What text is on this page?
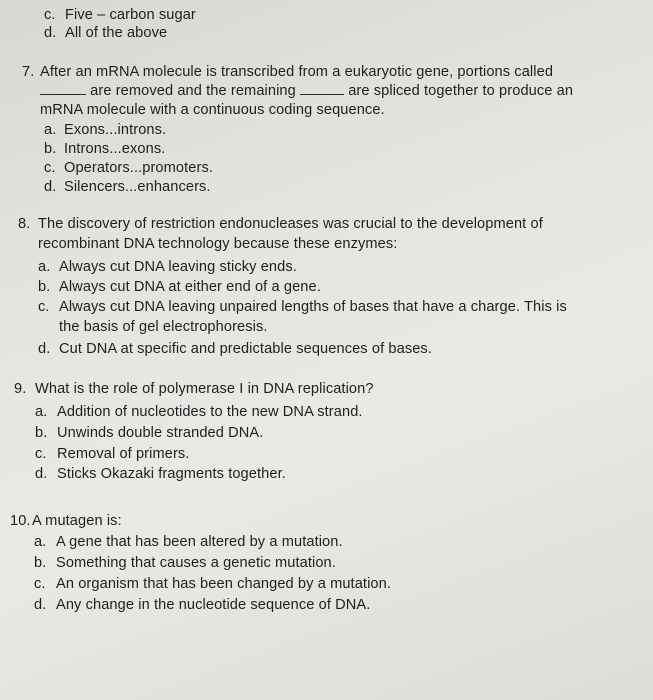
c. Five – carbon sugar
d. All of the above
7. After an mRNA molecule is transcribed from a eukaryotic gene, portions called
are removed and the remaining	are spliced together to produce an
mRNA molecule with a continuous coding sequence.
a. Exons...introns.
b. Introns...exons.
c. Operators...promoters.
d. Silencers...enhancers.
8. The discovery of restriction endonucleases was crucial to the development of
recombinant DNA technology because these enzymes:
a. Always cut DNA leaving sticky ends.
b. Always cut DNA at either end of a gene.
c. Always cut DNA leaving unpaired lengths of bases that have a charge. This is
the basis of gel electrophoresis.
d. Cut DNA at specific and predictable sequences of bases.
9. What is the role of polymerase I in DNA replication?
a. Addition of nucleotides to the new DNA strand.
b. Unwinds double stranded DNA.
c. Removal of primers.
d. Sticks Okazaki fragments together.
10. A mutagen is:
a. A gene that has been altered by a mutation.
b. Something that causes a genetic mutation.
c. An organism that has been changed by a mutation.
d. Any change in the nucleotide sequence of DNA.
